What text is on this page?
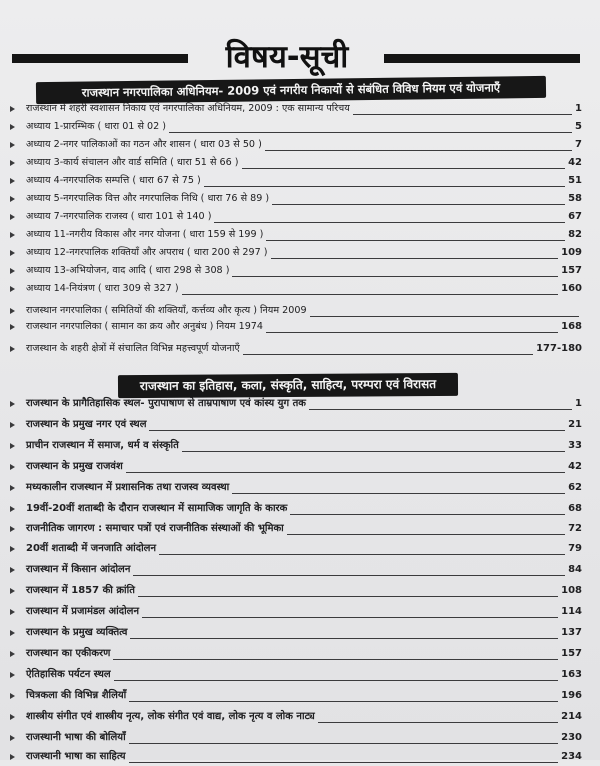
विषय-सूची
राजस्थान नगरपालिका अधिनियम- 2009 एवं नगरीय निकायों से संबंधित विविध नियम एवं योजनाएँ
राजस्थान में शहरी स्वशासन निकाय एवं नगरपालिका अधिनियम, 2009 : एक सामान्य परिचय	1
अध्याय 1-प्रारम्भिक ( धारा 01 से 02 )	5
अध्याय 2-नगर पालिकाओं का गठन और शासन ( धारा 03 से 50 )	7
अध्याय 3-कार्य संचालन और वार्ड समिति ( धारा 51 से 66 )	42
अध्याय 4-नगरपालिक सम्पत्ति ( धारा 67 से 75 )	51
अध्याय 5-नगरपालिक वित्त और नगरपालिक निधि ( धारा 76 से 89 )	58
अध्याय 7-नगरपालिक राजस्व ( धारा 101 से 140 )	67
अध्याय 11-नगरीय विकास और नगर योजना ( धारा 159 से 199 )	82
अध्याय 12-नगरपालिक शक्तियाँ और अपराध ( धारा 200 से 297 )	109
अध्याय 13-अभियोजन, वाद आदि ( धारा 298 से 308 )	157
अध्याय 14-नियंत्रण ( धारा 309 से 327 )	160
राजस्थान नगरपालिका ( समितियों की शक्तियाँ, कर्त्तव्य और कृत्य ) नियम 2009
राजस्थान नगरपालिका ( सामान का क्रय और अनुबंध ) नियम 1974	168
राजस्थान के शहरी क्षेत्रों में संचालित विभिन्न महत्त्वपूर्ण योजनाएँ	177-180
राजस्थान का इतिहास, कला, संस्कृति, साहित्य, परम्परा एवं विरासत
राजस्थान के प्रागैतिहासिक स्थल- पुरापाषाण से ताम्रपाषाण एवं कांस्य युग तक	1
राजस्थान के प्रमुख नगर एवं स्थल	21
प्राचीन राजस्थान में समाज, धर्म व संस्कृति	33
राजस्थान के प्रमुख राजवंश	42
मध्यकालीन राजस्थान में प्रशासनिक तथा राजस्व व्यवस्था	62
19वीं-20वीं शताब्दी के दौरान राजस्थान में सामाजिक जागृति के कारक	68
राजनीतिक जागरण : समाचार पत्रों एवं राजनीतिक संस्थाओं की भूमिका	72
20वीं शताब्दी में जनजाति आंदोलन	79
राजस्थान में किसान आंदोलन	84
राजस्थान में 1857 की क्रांति	108
राजस्थान में प्रजामंडल आंदोलन	114
राजस्थान के प्रमुख व्यक्तित्व	137
राजस्थान का एकीकरण	157
ऐतिहासिक पर्यटन स्थल	163
चित्रकला की विभिन्न शैलियाँ	196
शास्त्रीय संगीत एवं शास्त्रीय नृत्य, लोक संगीत एवं वाद्य, लोक नृत्य व लोक नाट्य	214
राजस्थानी भाषा की बोलियाँ	230
राजस्थानी भाषा का साहित्य	234
